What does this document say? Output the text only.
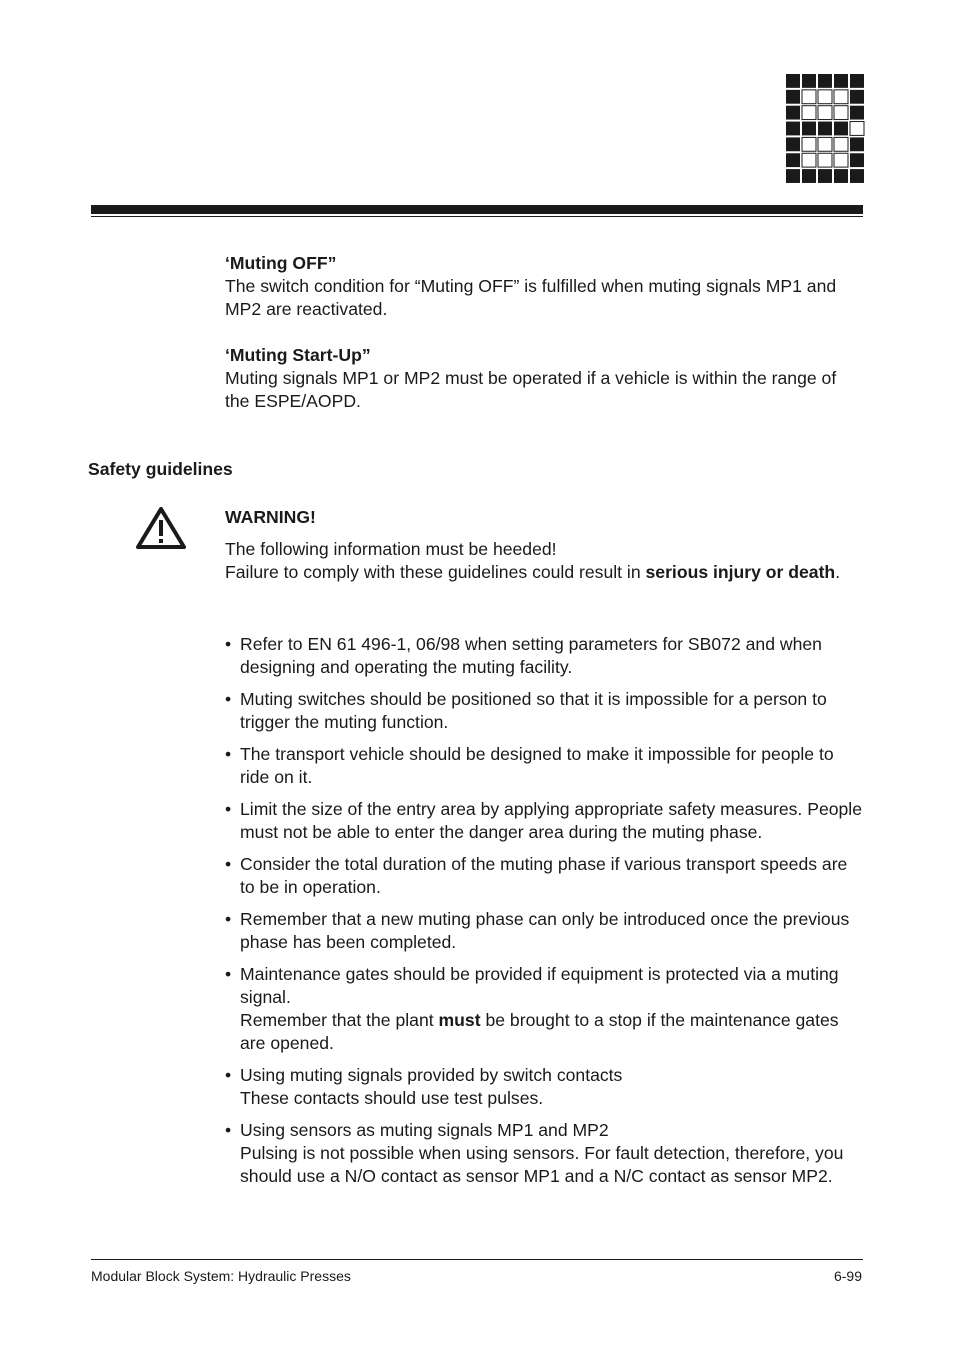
‘Muting OFF”
The switch condition for “Muting OFF” is fulfilled when muting signals MP1 and MP2 are reactivated.
‘Muting Start-Up”
Muting signals MP1 or MP2 must be operated if a vehicle is within the range of the ESPE/AOPD.
Safety guidelines
WARNING!
The following information must be heeded!
Failure to comply with these guidelines could result in serious injury or death.
• Refer to EN 61 496-1, 06/98 when setting parameters for SB072 and when designing and operating the muting facility.
• Muting switches should be positioned so that it is impossible for a person to trigger the muting function.
• The transport vehicle should be designed to make it impossible for people to ride on it.
• Limit the size of the entry area by applying appropriate safety measures. People must not be able to enter the danger area during the muting phase.
• Consider the total duration of the muting phase if various transport speeds are to be in operation.
• Remember that a new muting phase can only be introduced once the previous phase has been completed.
• Maintenance gates should be provided if equipment is protected via a muting signal.
Remember that the plant must be brought to a stop if the maintenance gates are opened.
• Using muting signals provided by switch contacts
These contacts should use test pulses.
• Using sensors as muting signals MP1 and MP2
Pulsing is not possible when using sensors. For fault detection, therefore, you should use a N/O contact as sensor MP1 and a N/C contact as sensor MP2.
Modular Block System: Hydraulic Presses	6-99
